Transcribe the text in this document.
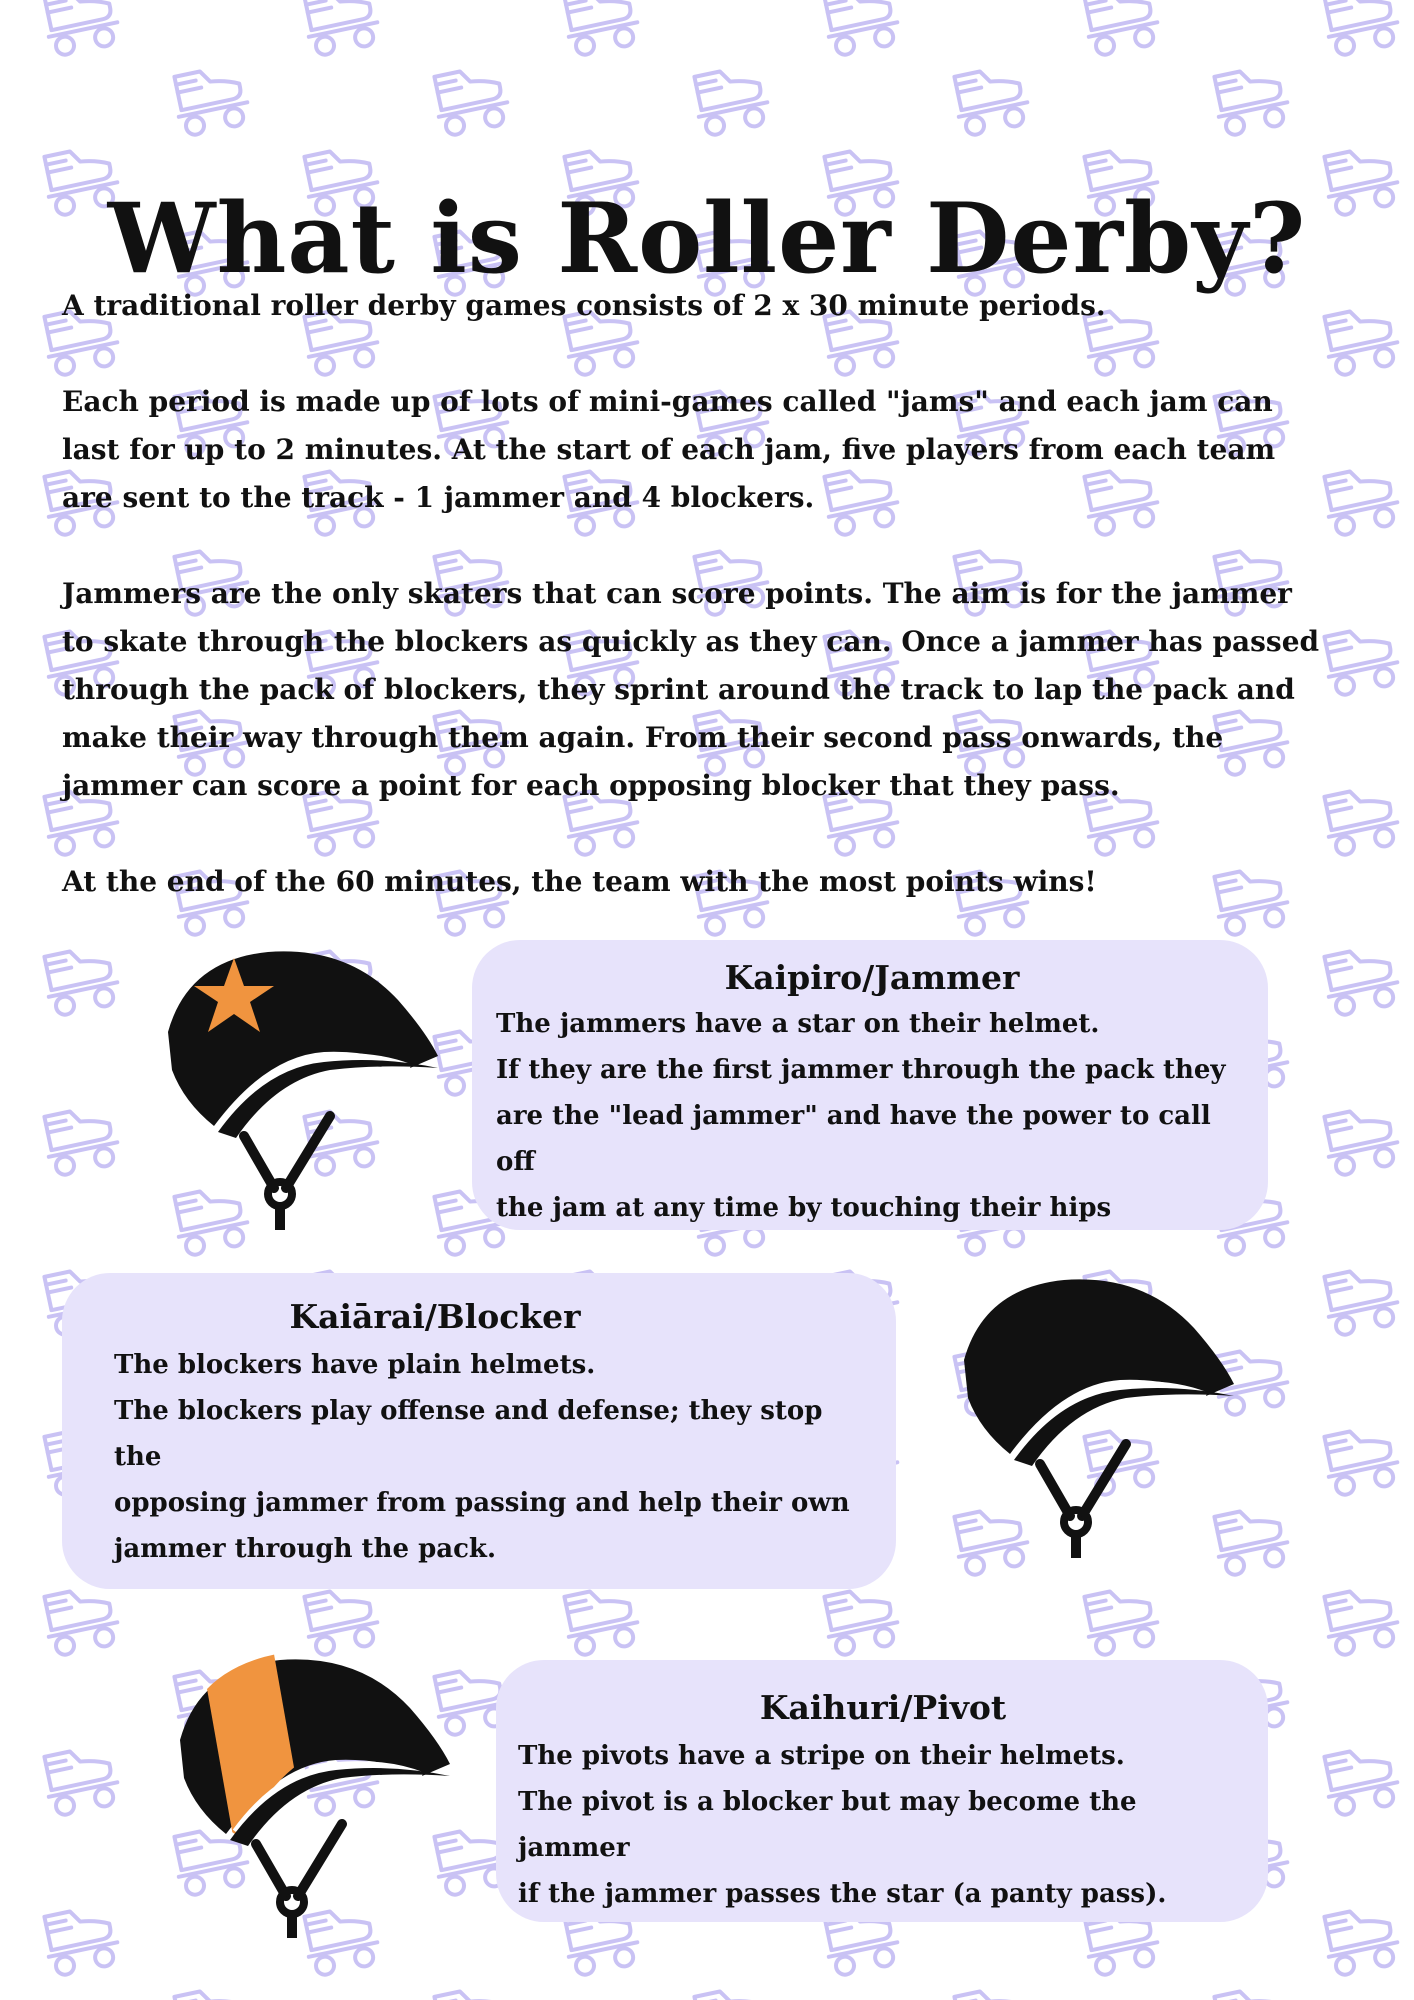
What is Roller Derby?

A traditional roller derby games consists of 2 x 30 minute periods.

Each period is made up of lots of mini-games called "jams" and each jam can last for up to 2 minutes. At the start of each jam, five players from each team are sent to the track - 1 jammer and 4 blockers.

Jammers are the only skaters that can score points. The aim is for the jammer to skate through the blockers as quickly as they can. Once a jammer has passed through the pack of blockers, they sprint around the track to lap the pack and make their way through them again. From their second pass onwards, the jammer can score a point for each opposing blocker that they pass.

At the end of the 60 minutes, the team with the most points wins!

Kaipiro/Jammer
The jammers have a star on their helmet.
If they are the first jammer through the pack they
are the "lead jammer" and have the power to call off
the jam at any time by touching their hips
Kaiārai/Blocker
The blockers have plain helmets.
The blockers play offense and defense; they stop the
opposing jammer from passing and help their own
jammer through the pack.
Kaihuri/Pivot
The pivots have a stripe on their helmets.
The pivot is a blocker but may become the jammer
if the jammer passes the star (a panty pass).
